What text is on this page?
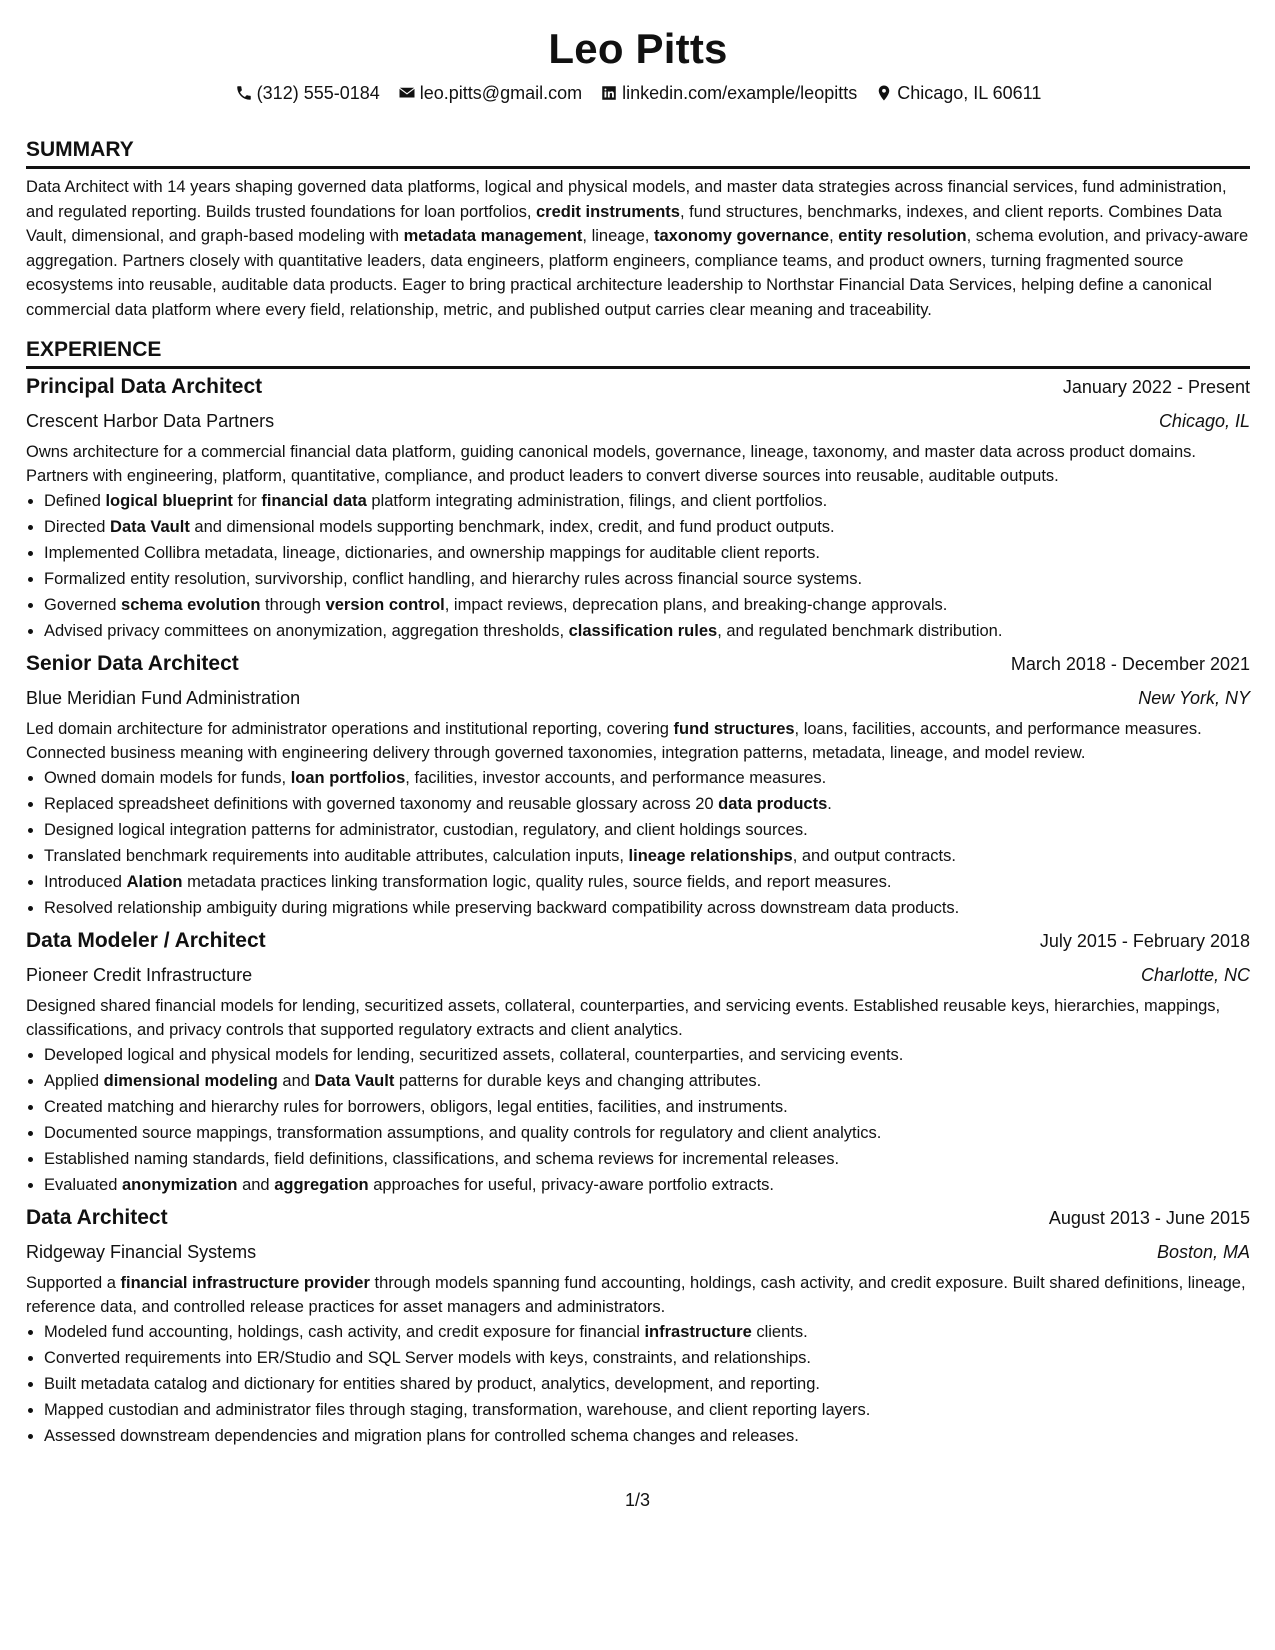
Leo Pitts
(312) 555-0184 leo.pitts@gmail.com linkedin.com/example/leopitts Chicago, IL 60611
SUMMARY
Data Architect with 14 years shaping governed data platforms, logical and physical models, and master data strategies across financial services, fund administration, and regulated reporting. Builds trusted foundations for loan portfolios, credit instruments, fund structures, benchmarks, indexes, and client reports. Combines Data Vault, dimensional, and graph-based modeling with metadata management, lineage, taxonomy governance, entity resolution, schema evolution, and privacy-aware aggregation. Partners closely with quantitative leaders, data engineers, platform engineers, compliance teams, and product owners, turning fragmented source ecosystems into reusable, auditable data products. Eager to bring practical architecture leadership to Northstar Financial Data Services, helping define a canonical commercial data platform where every field, relationship, metric, and published output carries clear meaning and traceability.
EXPERIENCE
Principal Data Architect	January 2022 - Present
Crescent Harbor Data Partners	Chicago, IL
Owns architecture for a commercial financial data platform, guiding canonical models, governance, lineage, taxonomy, and master data across product domains. Partners with engineering, platform, quantitative, compliance, and product leaders to convert diverse sources into reusable, auditable outputs.
• Defined logical blueprint for financial data platform integrating administration, filings, and client portfolios.
• Directed Data Vault and dimensional models supporting benchmark, index, credit, and fund product outputs.
• Implemented Collibra metadata, lineage, dictionaries, and ownership mappings for auditable client reports.
• Formalized entity resolution, survivorship, conflict handling, and hierarchy rules across financial source systems.
• Governed schema evolution through version control, impact reviews, deprecation plans, and breaking-change approvals.
• Advised privacy committees on anonymization, aggregation thresholds, classification rules, and regulated benchmark distribution.
Senior Data Architect	March 2018 - December 2021
Blue Meridian Fund Administration	New York, NY
Led domain architecture for administrator operations and institutional reporting, covering fund structures, loans, facilities, accounts, and performance measures. Connected business meaning with engineering delivery through governed taxonomies, integration patterns, metadata, lineage, and model review.
• Owned domain models for funds, loan portfolios, facilities, investor accounts, and performance measures.
• Replaced spreadsheet definitions with governed taxonomy and reusable glossary across 20 data products.
• Designed logical integration patterns for administrator, custodian, regulatory, and client holdings sources.
• Translated benchmark requirements into auditable attributes, calculation inputs, lineage relationships, and output contracts.
• Introduced Alation metadata practices linking transformation logic, quality rules, source fields, and report measures.
• Resolved relationship ambiguity during migrations while preserving backward compatibility across downstream data products.
Data Modeler / Architect	July 2015 - February 2018
Pioneer Credit Infrastructure	Charlotte, NC
Designed shared financial models for lending, securitized assets, collateral, counterparties, and servicing events. Established reusable keys, hierarchies, mappings, classifications, and privacy controls that supported regulatory extracts and client analytics.
• Developed logical and physical models for lending, securitized assets, collateral, counterparties, and servicing events.
• Applied dimensional modeling and Data Vault patterns for durable keys and changing attributes.
• Created matching and hierarchy rules for borrowers, obligors, legal entities, facilities, and instruments.
• Documented source mappings, transformation assumptions, and quality controls for regulatory and client analytics.
• Established naming standards, field definitions, classifications, and schema reviews for incremental releases.
• Evaluated anonymization and aggregation approaches for useful, privacy-aware portfolio extracts.
Data Architect	August 2013 - June 2015
Ridgeway Financial Systems	Boston, MA
Supported a financial infrastructure provider through models spanning fund accounting, holdings, cash activity, and credit exposure. Built shared definitions, lineage, reference data, and controlled release practices for asset managers and administrators.
• Modeled fund accounting, holdings, cash activity, and credit exposure for financial infrastructure clients.
• Converted requirements into ER/Studio and SQL Server models with keys, constraints, and relationships.
• Built metadata catalog and dictionary for entities shared by product, analytics, development, and reporting.
• Mapped custodian and administrator files through staging, transformation, warehouse, and client reporting layers.
• Assessed downstream dependencies and migration plans for controlled schema changes and releases.
1/3
